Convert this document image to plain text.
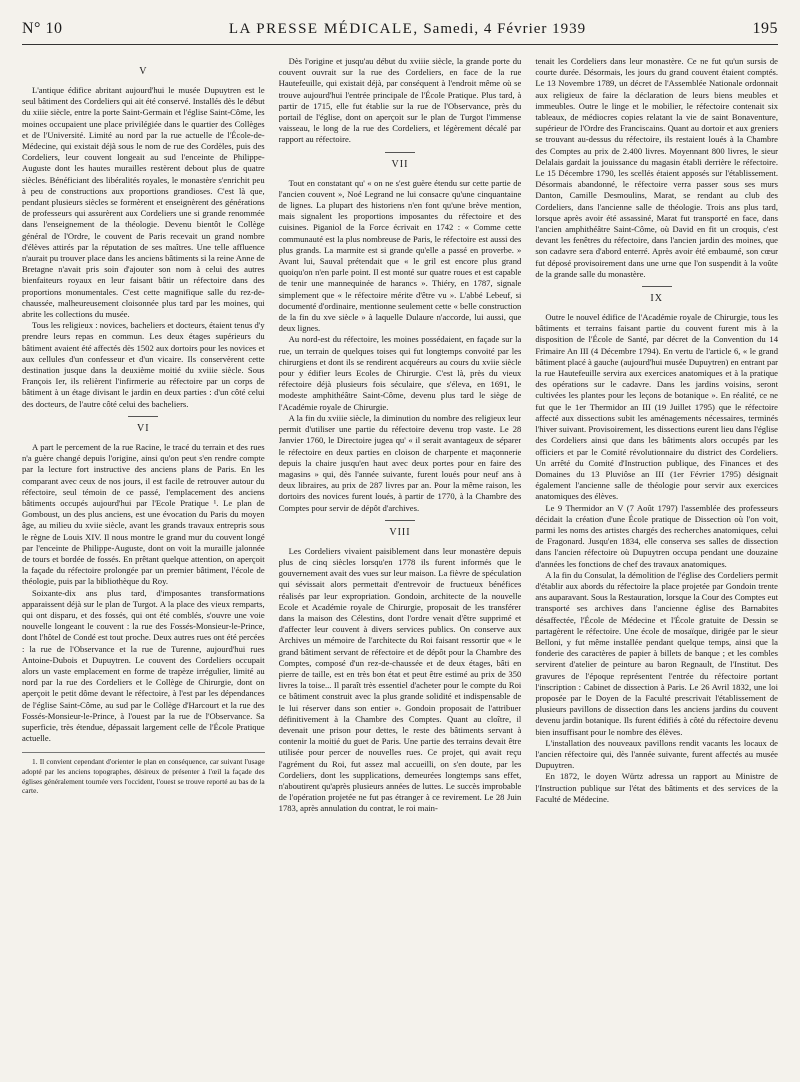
N° 10	LA PRESSE MÉDICALE, Samedi, 4 Février 1939	195
V

L'antique édifice abritant aujourd'hui le musée Dupuytren est le seul bâtiment des Cordeliers qui ait été conservé. Installés dès le début du xiiie siècle, entre la porte Saint-Germain et l'église Saint-Côme, les moines occupaient une place privilégiée dans le quartier des Collèges et de l'Université. Limité au nord par la rue actuelle de l'École-de-Médecine, qui existait déjà sous le nom de rue des Cordèles, puis des Cordeliers, leur couvent longeait au sud l'enceinte de Philippe-Auguste dont les hautes murailles restèrent debout plus de quatre siècles. Bénéficiant des libéralités royales, le monastère s'enrichit peu à peu de constructions aux proportions grandioses. C'est là que, pendant plusieurs siècles se formèrent et enseignèrent des générations de professeurs qui assurèrent aux Cordeliers une si grande renommée dans l'enseignement de la théologie. Devenu bientôt le Collège général de l'Ordre, le couvent de Paris recevait un grand nombre d'élèves attirés par la réputation de ses maîtres. Une telle affluence n'aurait pu trouver place dans les anciens bâtiments si la reine Anne de Bretagne n'avait pris soin d'ajouter son nom à celui des autres bienfaiteurs royaux en leur faisant bâtir un réfectoire dans des proportions monumentales. C'est cette magnifique salle du rez-de-chaussée, malheureusement cloisonnée plus tard par les moines, qui abrite les collections du musée.

Tous les religieux : novices, bacheliers et docteurs, étaient tenus d'y prendre leurs repas en commun. Les deux étages supérieurs du bâtiment avaient été affectés dès 1502 aux dortoirs pour les novices et aux cellules d'un confesseur et d'un vicaire. Ils conservèrent cette destination jusque dans la deuxième moitié du xviiie siècle. Sous François Ier, ils relièrent l'infirmerie au réfectoire par un corps de bâtiment à un étage divisant le jardin en deux parties : d'un côté celui des docteurs, de l'autre côté celui des bacheliers.

VI

A part le percement de la rue Racine, le tracé du terrain et des rues n'a guère changé depuis l'origine, ainsi qu'on peut s'en rendre compte par la lecture fort instructive des anciens plans de Paris. En les comparant avec ceux de nos jours, il est facile de retrouver autour du réfectoire, seul témoin de ce passé, l'emplacement des anciens bâtiments occupés aujourd'hui par l'Ecole Pratique ¹. Le plan de Gomboust, un des plus anciens, est une évocation du Paris du moyen âge, au milieu du xviie siècle, avant les grands travaux entrepris sous le règne de Louis XIV. Il nous montre le grand mur du couvent longé par l'enceinte de Philippe-Auguste, dont on voit la muraille jalonnée de tours et bordée de fossés. En prêtant quelque attention, on aperçoit la façade du réfectoire prolongée par un premier bâtiment, l'école de théologie, puis par la bibliothèque du Roy.

Soixante-dix ans plus tard, d'imposantes transformations apparaissent déjà sur le plan de Turgot. A la place des vieux remparts, qui ont disparu, et des fossés, qui ont été comblés, s'ouvre une voie nouvelle longeant le couvent : la rue des Fossés-Monsieur-le-Prince, dont l'hôtel de Condé est tout proche. Deux autres rues ont été percées : la rue de l'Observance et la rue de Turenne, aujourd'hui rues Antoine-Dubois et Dupuytren. Le couvent des Cordeliers occupait alors un vaste emplacement en forme de trapèze irrégulier, limité au nord par la rue des Cordeliers et le Collège de Chirurgie, dont on aperçoit le petit dôme devant le réfectoire, à l'est par les dépendances de l'église Saint-Côme, au sud par le Collège d'Harcourt et la rue des Fossés-Monsieur-le-Prince, à l'ouest par la rue de l'Observance. Sa superficie, très étendue, dépassait largement celle de l'École Pratique actuelle.

1. Il convient cependant d'orienter le plan en conséquence, car suivant l'usage adopté par les anciens topographes, désireux de présenter à l'œil la façade des églises généralement tournée vers l'occident, l'ouest se trouve reporté au bas de la carte.

Dès l'origine et jusqu'au début du xviiie siècle, la grande porte du couvent ouvrait sur la rue des Cordeliers, en face de la rue Hautefeuille, qui existait déjà, par conséquent à l'endroit même où se trouve aujourd'hui l'entrée principale de l'École Pratique. Plus tard, à partir de 1715, elle fut établie sur la rue de l'Observance, près du portail de l'église, dont on aperçoit sur le plan de Turgot l'immense vaisseau, le long de la rue des Cordeliers, et légèrement décalé par rapport au réfectoire.

VII

Tout en constatant qu' « on ne s'est guère étendu sur cette partie de l'ancien couvent », Noé Legrand ne lui consacre qu'une cinquantaine de lignes. La plupart des historiens n'en font qu'une brève mention, mais signalent les proportions imposantes du réfectoire et des cuisines. Piganiol de la Force écrivait en 1742 : « Comme cette communauté est la plus nombreuse de Paris, le réfectoire est aussi des plus grands. La marmite est si grande qu'elle a passé en proverbe. » Avant lui, Sauval prétendait que « le gril est encore plus grand quoiqu'on n'en parle point. Il est monté sur quatre roues et est capable de tenir une mannequinée de harancs ». Thiéry, en 1787, signale simplement que « le réfectoire mérite d'être vu ». L'abbé Lebeuf, si documenté d'ordinaire, mentionne seulement cette « belle construction de la fin du xve siècle » à laquelle Dulaure n'accorde, lui aussi, que deux lignes.

Au nord-est du réfectoire, les moines possédaient, en façade sur la rue, un terrain de quelques toises qui fut longtemps convoité par les chirurgiens et dont ils se rendirent acquéreurs au cours du xviie siècle pour y édifier leurs Ecoles de Chirurgie. C'est là, près du vieux réfectoire déjà plusieurs fois séculaire, que s'éleva, en 1691, le modeste amphithéâtre Saint-Côme, devenu plus tard le siège de l'Académie royale de Chirurgie.

A la fin du xviiie siècle, la diminution du nombre des religieux leur permit d'utiliser une partie du réfectoire devenu trop vaste. Le 28 Janvier 1760, le Directoire jugea qu' « il serait avantageux de séparer le réfectoire en deux parties en cloison de charpente et maçonnerie depuis la chaire jusqu'en haut avec deux portes pour en faire des magasins » qui, dès l'année suivante, furent loués pour neuf ans à deux libraires, au prix de 287 livres par an. Pour la même raison, les dortoirs des novices furent loués, à partir de 1770, à la Chambre des Comptes pour servir de dépôt d'archives.

VIII

Les Cordeliers vivaient paisiblement dans leur monastère depuis plus de cinq siècles lorsqu'en 1778 ils furent informés que le gouvernement avait des vues sur leur maison. La fièvre de spéculation qui sévissait alors permettait d'entrevoir de fructueux bénéfices réalisés par leur expropriation. Gondoin, architecte de la nouvelle Ecole et Académie royale de Chirurgie, proposait de les transférer dans la maison des Célestins, dont l'ordre venait d'être supprimé et d'affecter leur couvent à divers services publics. On conserve aux Archives un mémoire de l'architecte du Roi faisant ressortir que « le grand bâtiment servant de réfectoire et de dépôt pour la Chambre des Comptes, composé d'un rez-de-chaussée et de deux étages, bâti en pierre de taille, est en très bon état et peut être estimé au prix de 350 livres la toise... Il paraît très essentiel d'acheter pour le compte du Roi ce bâtiment construit avec la plus grande solidité et indispensable de le lui réserver dans son entier ». Gondoin proposait de l'attribuer définitivement à la Chambre des Comptes. Quant au cloître, il devenait une prison pour dettes, le reste des bâtiments servant à contenir la moitié du guet de Paris. Une partie des terrains devait être utilisée pour percer de nouvelles rues. Ce projet, qui avait reçu l'agrément du Roi, fut assez mal accueilli, on s'en doute, par les Cordeliers, dont les supplications, demeurées longtemps sans effet, n'aboutirent qu'après plusieurs années de luttes. Le succès improbable de l'opération projetée ne fut pas étranger à ce revirement. Le 28 Juin 1783, après annulation du contrat, le roi main-

tenait les Cordeliers dans leur monastère. Ce ne fut qu'un sursis de courte durée. Désormais, les jours du grand couvent étaient comptés. Le 13 Novembre 1789, un décret de l'Assemblée Nationale ordonnait aux religieux de faire la déclaration de leurs biens meubles et immeubles. Outre le linge et le mobilier, le réfectoire contenait six tableaux, de médiocres copies relatant la vie de saint Bonaventure, supérieur de l'Ordre des Franciscains. Quant au dortoir et aux greniers se trouvant au-dessus du réfectoire, ils restaient loués à la Chambre des Comptes au prix de 2.400 livres. Moyennant 800 livres, le sieur Delalais gardait la jouissance du magasin établi derrière le réfectoire. Le 15 Décembre 1790, les scellés étaient apposés sur l'établissement. Désormais abandonné, le réfectoire verra passer sous ses murs Danton, Camille Desmoulins, Marat, se rendant au club des Cordeliers, dans l'ancienne salle de théologie. Trois ans plus tard, lorsque après avoir été assassiné, Marat fut transporté en face, dans l'ancien amphithéâtre Saint-Côme, où David en fit un croquis, c'est devant les fenêtres du réfectoire, dans l'ancien jardin des moines, que son cadavre sera d'abord enterré. Après avoir été embaumé, son cœur fut déposé provisoirement dans une urne que l'on suspendit à la voûte de la grande salle du monastère.

IX

Outre le nouvel édifice de l'Académie royale de Chirurgie, tous les bâtiments et terrains faisant partie du couvent furent mis à la disposition de l'École de Santé, par décret de la Convention du 14 Frimaire An III (4 Décembre 1794). En vertu de l'article 6, « le grand bâtiment placé à gauche (aujourd'hui musée Dupuytren) en entrant par la rue Hautefeuille servira aux exercices anatomiques et à la pratique des opérations sur le cadavre. Dans les jardins voisins, seront cultivées les plantes pour les leçons de botanique ». En réalité, ce ne fut que le 1er Thermidor an III (19 Juillet 1795) que le réfectoire affecté aux dissections subit les aménagements nécessaires, terminés l'hiver suivant. Provisoirement, les dissections eurent lieu dans l'église des Cordeliers ainsi que dans les bâtiments alors occupés par les officiers et par le Comité révolutionnaire du district des Cordeliers. Un arrêté du Comité d'Instruction publique, des Finances et des Domaines du 13 Pluviôse an III (1er Février 1795) désignait également l'ancienne salle de théologie pour servir aux exercices anatomiques des élèves.

Le 9 Thermidor an V (7 Août 1797) l'assemblée des professeurs décidait la création d'une École pratique de Dissection où l'on voit, parmi les noms des artistes chargés des recherches anatomiques, celui de Fragonard. Jusqu'en 1834, elle conserva ses salles de dissection dans l'ancien réfectoire où Dupuytren occupa pendant une douzaine d'années les fonctions de chef des travaux anatomiques.

A la fin du Consulat, la démolition de l'église des Cordeliers permit d'établir aux abords du réfectoire la place projetée par Gondoin trente ans auparavant. Sous la Restauration, lorsque la Cour des Comptes eut transporté ses archives dans l'ancienne église des Barnabites désaffectée, l'École de Médecine et l'École gratuite de Dessin se partagèrent le réfectoire. Une école de mosaïque, dirigée par le sieur Belloni, y fut même installée pendant quelque temps, ainsi que la fonderie des caractères de papier à billets de banque ; et les combles servirent d'atelier de peinture au baron Regnault, de l'Institut. Des gravures de l'époque représentent l'entrée du réfectoire portant l'inscription : Cabinet de dissection à Paris. Le 26 Avril 1832, une loi proposée par le Doyen de la Faculté prescrivait l'établissement de plusieurs pavillons de dissection dans les anciens jardins du couvent devenu jardin botanique. Ils furent édifiés à côté du réfectoire devenu bien insuffisant pour le nombre des élèves.

L'installation des nouveaux pavillons rendit vacants les locaux de l'ancien réfectoire qui, dès l'année suivante, furent affectés au musée Dupuytren.

En 1872, le doyen Würtz adressa un rapport au Ministre de l'Instruction publique sur l'état des bâtiments et des services de la Faculté de Médecine.
